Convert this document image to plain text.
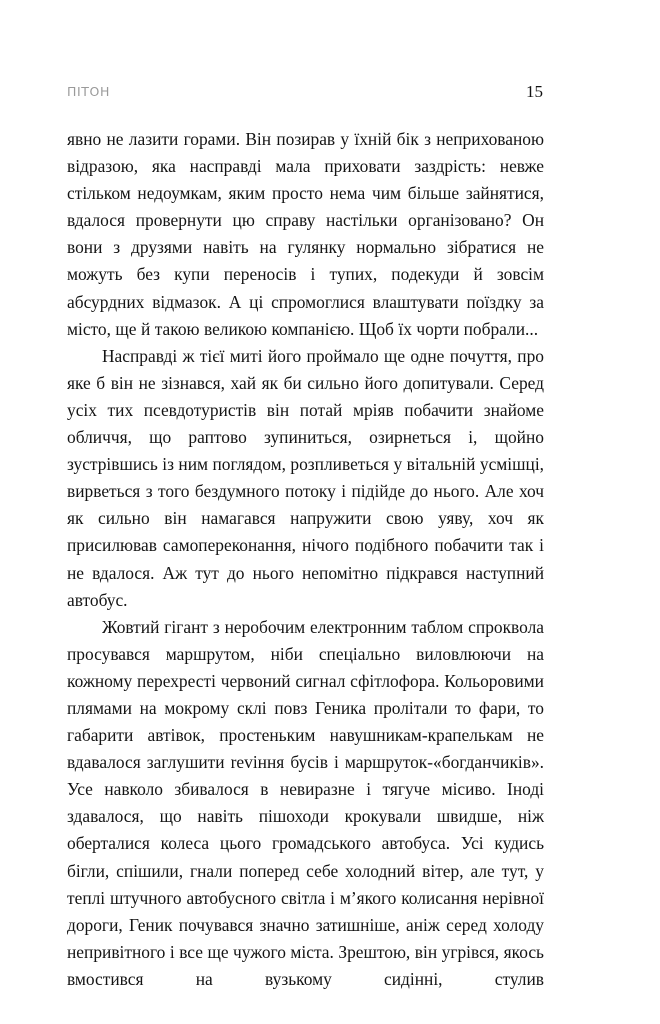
ПІТОН	15

явно не лазити горами. Він позирав у їхній бік з неприхованою відразою, яка насправді мала приховати заздрість: невже стільком недоумкам, яким просто нема чим більше зайнятися, вдалося провернути цю справу настільки організовано? Он вони з друзями навіть на гулянку нормально зібратися не можуть без купи переносів і тупих, подекуди й зовсім абсурдних відмазок. А ці спромоглися влаштувати поїздку за місто, ще й такою великою компанією. Щоб їх чорти побрали...

Насправді ж тієї миті його проймало ще одне почуття, про яке б він не зізнався, хай як би сильно його допитували. Серед усіх тих псевдотуристів він потай мріяв побачити знайоме обличчя, що раптово зупиниться, озирнеться і, щойно зустрівшись із ним поглядом, розпливеться у вітальній усмішці, вирветься з того бездумного потоку і підійде до нього. Але хоч як сильно він намагався напружити свою уяву, хоч як присилював самопереконання, нічого подібного побачити так і не вдалося. Аж тут до нього непомітно підкрався наступний автобус.

Жовтий гігант з неробочим електронним таблом спроквола просувався маршрутом, ніби спеціально виловлюючи на кожному перехресті червоний сигнал сфітлофора. Кольоровими плямами на мокрому склі повз Геника пролітали то фари, то габарити автівок, простеньким навушникам-крапелькам не вдавалося заглушити revіння бусів і маршруток-«богданчиків». Усе навколо збивалося в невиразне і тягуче місиво. Іноді здавалося, що навіть пішоходи крокували швидше, ніж оберталися колеса цього громадського автобуса. Усі кудись бігли, спішили, гнали поперед себе холодний вітер, але тут, у теплі штучного автобусного світла і м’якого колисання нерівної дороги, Геник почувався значно затишніше, аніж серед холоду непривітного і все ще чужого міста. Зрештою, він угрівся, якось вмостився на вузькому сидінні, стулив
